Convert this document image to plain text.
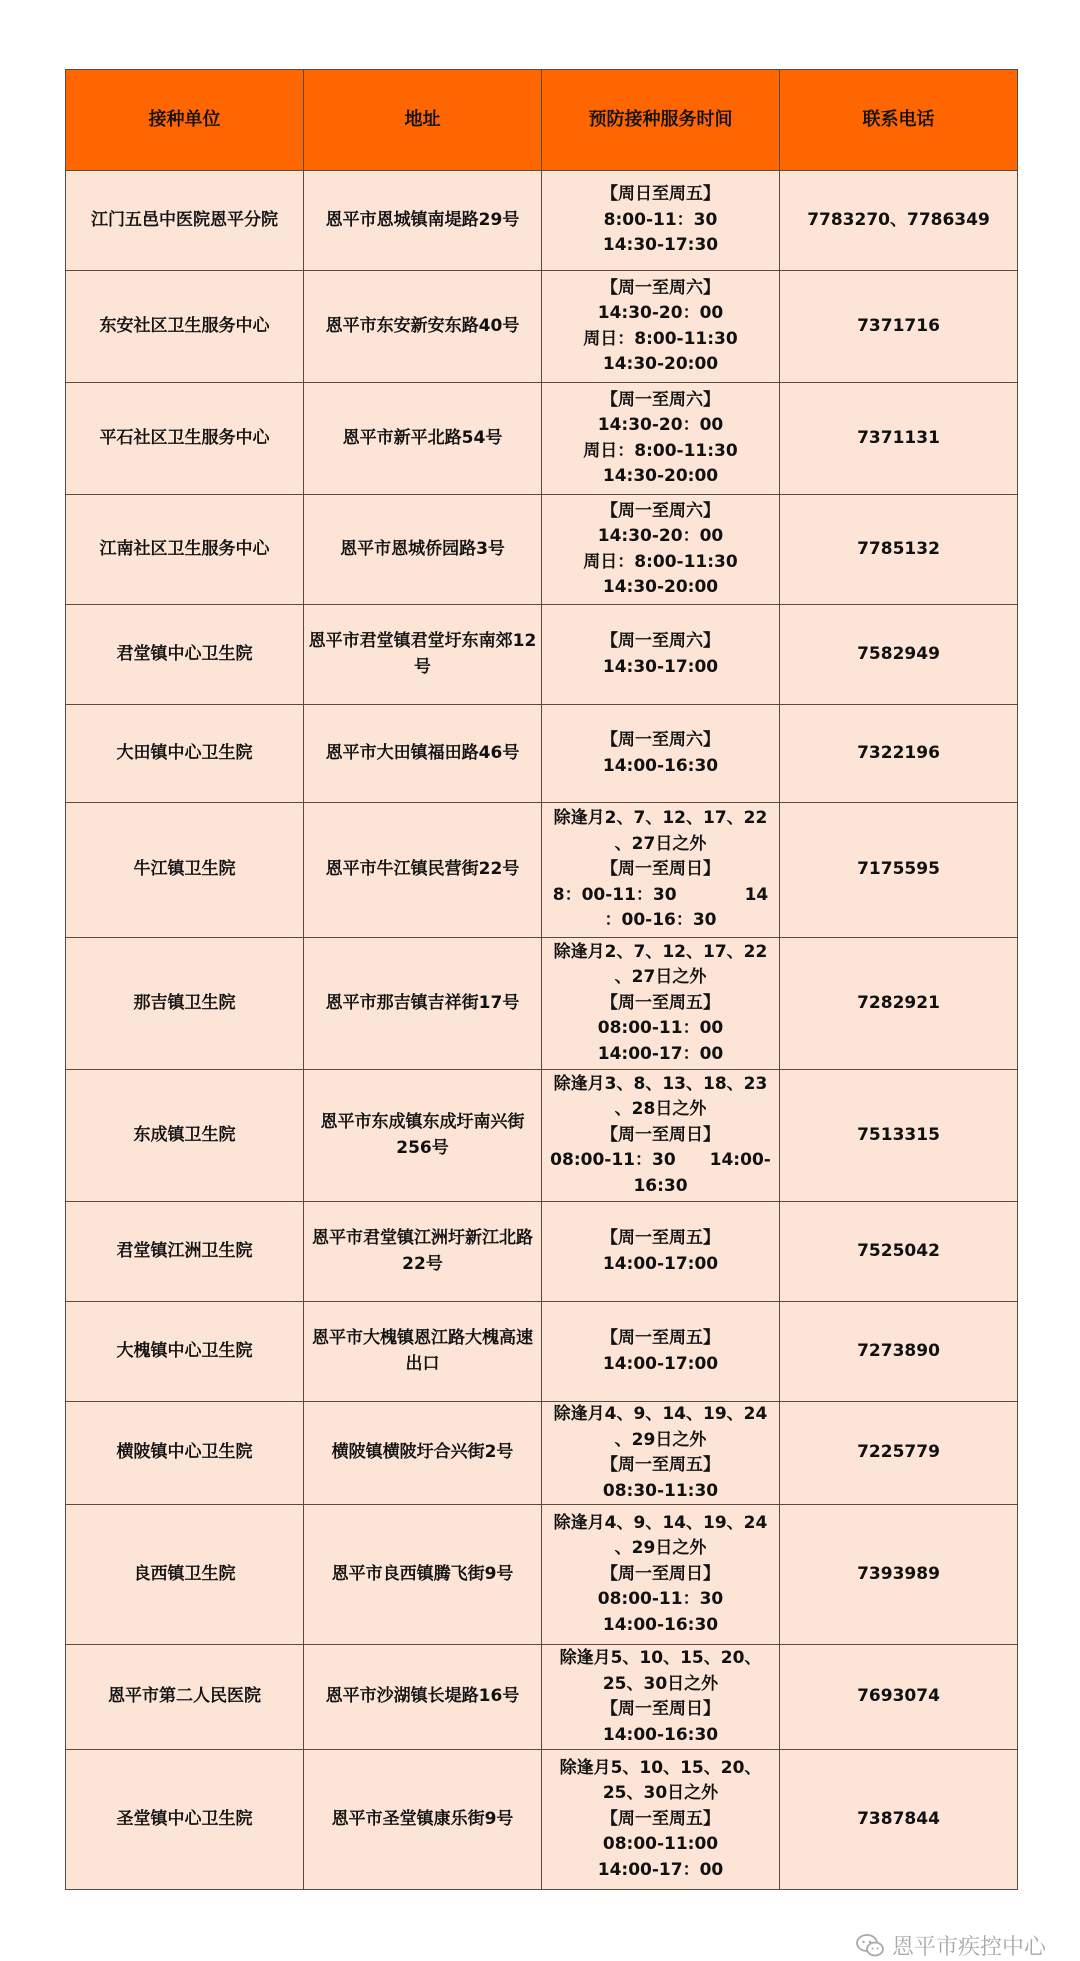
接种单位	地址	预防接种服务时间	联系电话
江门五邑中医院恩平分院	恩平市恩城镇南堤路29号	【周日至周五】
8:00-11：30
14:30-17:30	7783270、7786349
东安社区卫生服务中心	恩平市东安新安东路40号	【周一至周六】
14:30-20：00
周日：8:00-11:30
14:30-20:00	7371716
平石社区卫生服务中心	恩平市新平北路54号	【周一至周六】
14:30-20：00
周日：8:00-11:30
14:30-20:00	7371131
江南社区卫生服务中心	恩平市恩城侨园路3号	【周一至周六】
14:30-20：00
周日：8:00-11:30
14:30-20:00	7785132
君堂镇中心卫生院	恩平市君堂镇君堂圩东南郊12号	【周一至周六】
14:30-17:00	7582949
大田镇中心卫生院	恩平市大田镇福田路46号	【周一至周六】
14:00-16:30	7322196
牛江镇卫生院	恩平市牛江镇民营街22号	除逢月2、7、12、17、22
、27日之外
【周一至周日】
8：00-11：30　　　　14
：00-16：30	7175595
那吉镇卫生院	恩平市那吉镇吉祥街17号	除逢月2、7、12、17、22
、27日之外
【周一至周五】
08:00-11：00
14:00-17：00	7282921
东成镇卫生院	恩平市东成镇东成圩南兴街256号	除逢月3、8、13、18、23
、28日之外
【周一至周日】
08:00-11：30　　14:00-
16:30	7513315
君堂镇江洲卫生院	恩平市君堂镇江洲圩新江北路22号	【周一至周五】
14:00-17:00	7525042
大槐镇中心卫生院	恩平市大槐镇恩江路大槐高速出口	【周一至周五】
14:00-17:00	7273890
横陂镇中心卫生院	横陂镇横陂圩合兴街2号	除逢月4、9、14、19、24
、29日之外
【周一至周五】
08:30-11:30	7225779
良西镇卫生院	恩平市良西镇腾飞街9号	除逢月4、9、14、19、24
、29日之外
【周一至周日】
08:00-11：30
14:00-16:30	7393989
恩平市第二人民医院	恩平市沙湖镇长堤路16号	除逢月5、10、15、20、
25、30日之外
【周一至周日】
14:00-16:30	7693074
圣堂镇中心卫生院	恩平市圣堂镇康乐街9号	除逢月5、10、15、20、
25、30日之外
【周一至周五】
08:00-11:00
14:00-17：00	7387844
恩平市疾控中心
